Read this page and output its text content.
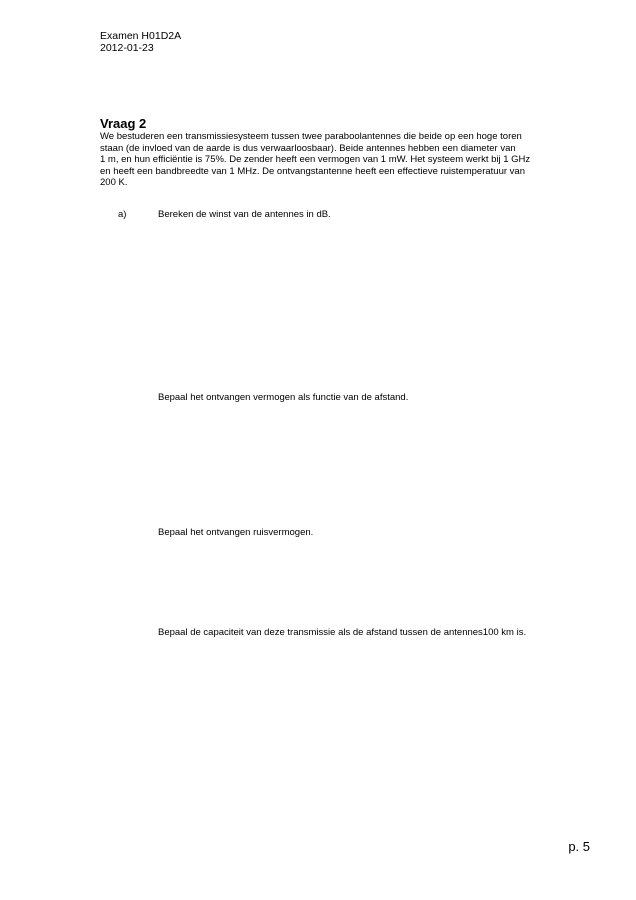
Examen H01D2A
2012-01-23
Vraag 2
We bestuderen een transmissiesysteem tussen twee paraboolantennes die beide op een hoge toren
staan (de invloed van de aarde is dus verwaarloosbaar). Beide antennes hebben een diameter van
1 m, en hun efficiëntie is 75%. De zender heeft een vermogen van 1 mW. Het systeem werkt bij 1 GHz
en heeft een bandbreedte van 1 MHz. De ontvangstantenne heeft een effectieve ruistemperatuur van
200 K.
a)	Bereken de winst van de antennes in dB.
Bepaal het ontvangen vermogen als functie van de afstand.
Bepaal het ontvangen ruisvermogen.
Bepaal de capaciteit van deze transmissie als de afstand tussen de antennes100 km is.
p. 5
